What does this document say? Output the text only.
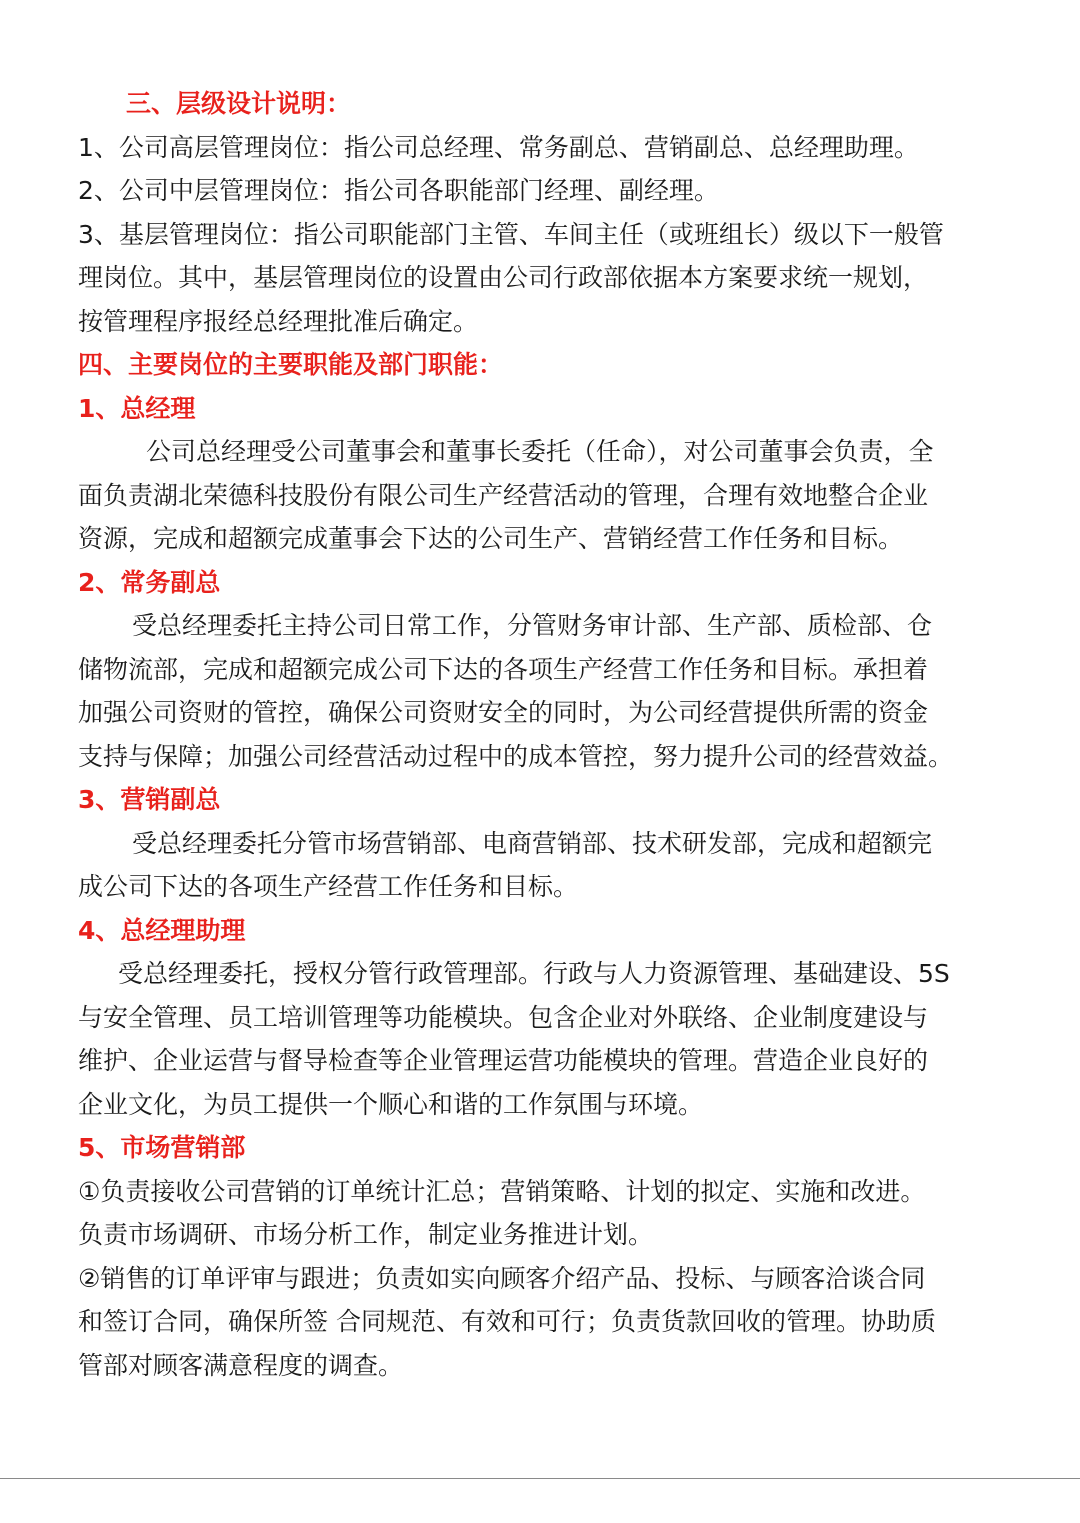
三、层级设计说明：
1、公司高层管理岗位：指公司总经理、常务副总、营销副总、总经理助理。
2、公司中层管理岗位：指公司各职能部门经理、副经理。
3、基层管理岗位：指公司职能部门主管、车间主任（或班组长）级以下一般管
理岗位。其中，基层管理岗位的设置由公司行政部依据本方案要求统一规划，
按管理程序报经总经理批准后确定。
四、主要岗位的主要职能及部门职能：
1、总经理
公司总经理受公司董事会和董事长委托（任命），对公司董事会负责，全
面负责湖北荣德科技股份有限公司生产经营活动的管理，合理有效地整合企业
资源，完成和超额完成董事会下达的公司生产、营销经营工作任务和目标。
2、常务副总
受总经理委托主持公司日常工作，分管财务审计部、生产部、质检部、仓
储物流部，完成和超额完成公司下达的各项生产经营工作任务和目标。承担着
加强公司资财的管控，确保公司资财安全的同时，为公司经营提供所需的资金
支持与保障；加强公司经营活动过程中的成本管控，努力提升公司的经营效益。
3、营销副总
受总经理委托分管市场营销部、电商营销部、技术研发部，完成和超额完
成公司下达的各项生产经营工作任务和目标。
4、总经理助理
受总经理委托，授权分管行政管理部。行政与人力资源管理、基础建设、5S
与安全管理、员工培训管理等功能模块。包含企业对外联络、企业制度建设与
维护、企业运营与督导检查等企业管理运营功能模块的管理。营造企业良好的
企业文化，为员工提供一个顺心和谐的工作氛围与环境。
5、市场营销部
①负责接收公司营销的订单统计汇总；营销策略、计划的拟定、实施和改进。
负责市场调研、市场分析工作，制定业务推进计划。
②销售的订单评审与跟进；负责如实向顾客介绍产品、投标、与顾客洽谈合同
和签订合同，确保所签 合同规范、有效和可行；负责货款回收的管理。协助质
管部对顾客满意程度的调查。
